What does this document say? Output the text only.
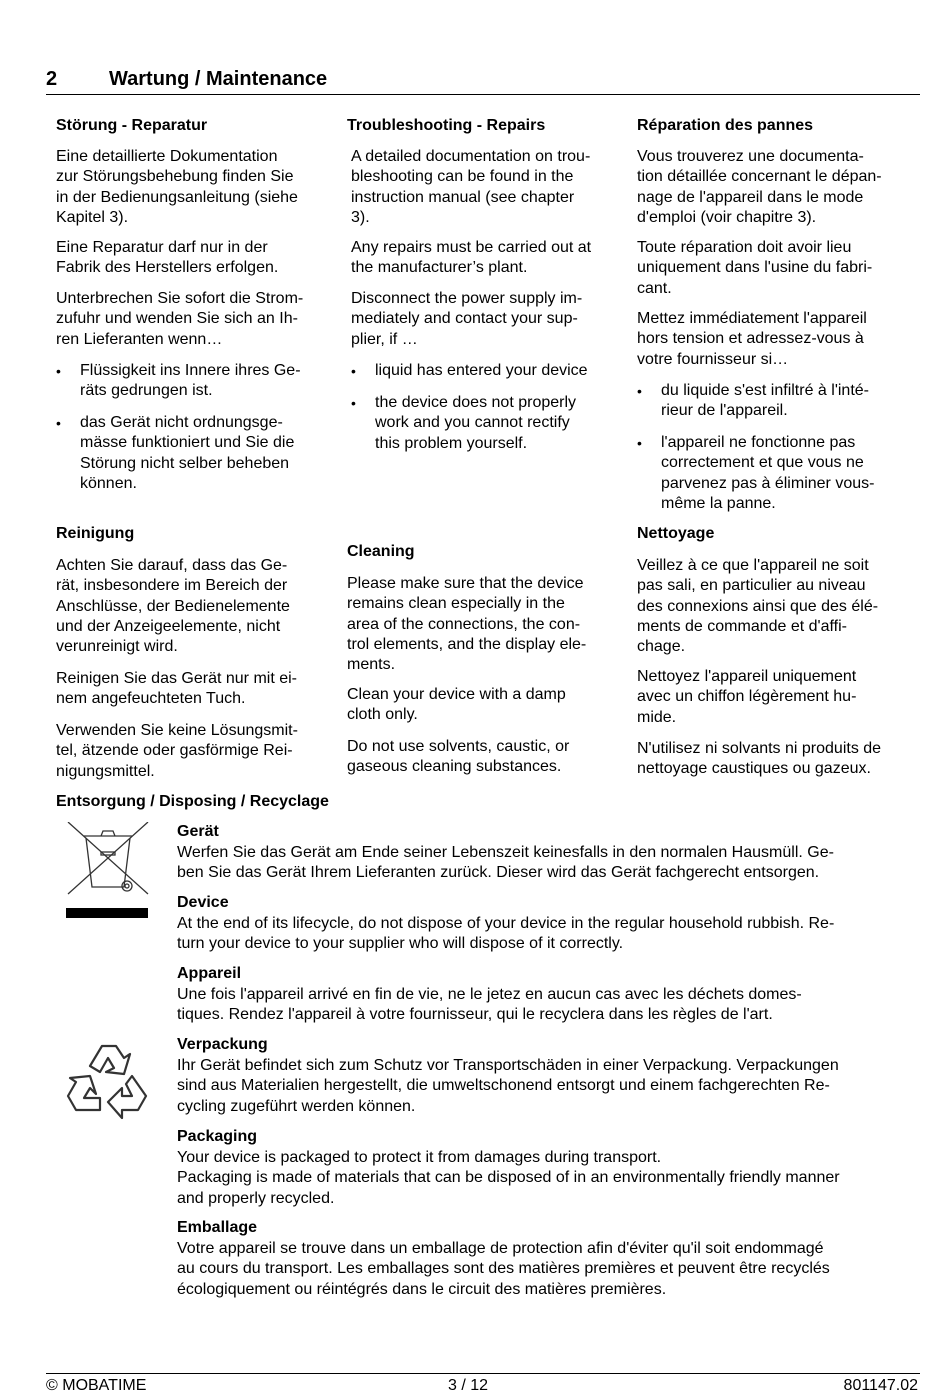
2	Wartung / Maintenance
Störung - Reparatur
Eine detaillierte Dokumentation
zur Störungsbehebung finden Sie
in der Bedienungsanleitung (siehe
Kapitel 3).
Eine Reparatur darf nur in der
Fabrik des Herstellers erfolgen.
Unterbrechen Sie sofort die Strom-
zufuhr und wenden Sie sich an Ih-
ren Lieferanten wenn…
• Flüssigkeit ins Innere ihres Ge-
räts gedrungen ist.
• das Gerät nicht ordnungsge-
mässe funktioniert und Sie die
Störung nicht selber beheben
können.
Reinigung
Achten Sie darauf, dass das Ge-
rät, insbesondere im Bereich der
Anschlüsse, der Bedienelemente
und der Anzeigeelemente, nicht
verunreinigt wird.
Reinigen Sie das Gerät nur mit ei-
nem angefeuchteten Tuch.
Verwenden Sie keine Lösungsmit-
tel, ätzende oder gasförmige Rei-
nigungsmittel.
Troubleshooting - Repairs
A detailed documentation on trou-
bleshooting can be found in the
instruction manual (see chapter
3).
Any repairs must be carried out at
the manufacturer’s plant.
Disconnect the power supply im-
mediately and contact your sup-
plier, if …
• liquid has entered your device
• the device does not properly
work and you cannot rectify
this problem yourself.
Cleaning
Please make sure that the device
remains clean especially in the
area of the connections, the con-
trol elements, and the display ele-
ments.
Clean your device with a damp
cloth only.
Do not use solvents, caustic, or
gaseous cleaning substances.
Réparation des pannes
Vous trouverez une documenta-
tion détaillée concernant le dépan-
nage de l'appareil dans le mode
d'emploi (voir chapitre 3).
Toute réparation doit avoir lieu
uniquement dans l'usine du fabri-
cant.
Mettez immédiatement l'appareil
hors tension et adressez-vous à
votre fournisseur si…
• du liquide s'est infiltré à l'inté-
rieur de l'appareil.
• l'appareil ne fonctionne pas
correctement et que vous ne
parvenez pas à éliminer vous-
même la panne.
Nettoyage
Veillez à ce que l'appareil ne soit
pas sali, en particulier au niveau
des connexions ainsi que des élé-
ments de commande et d'affi-
chage.
Nettoyez l'appareil uniquement
avec un chiffon légèrement hu-
mide.
N'utilisez ni solvants ni produits de
nettoyage caustiques ou gazeux.
Entsorgung / Disposing / Recyclage
Gerät
Werfen Sie das Gerät am Ende seiner Lebenszeit keinesfalls in den normalen Hausmüll. Ge-
ben Sie das Gerät Ihrem Lieferanten zurück. Dieser wird das Gerät fachgerecht entsorgen.
Device
At the end of its lifecycle, do not dispose of your device in the regular household rubbish. Re-
turn your device to your supplier who will dispose of it correctly.
Appareil
Une fois l'appareil arrivé en fin de vie, ne le jetez en aucun cas avec les déchets domes-
tiques. Rendez l'appareil à votre fournisseur, qui le recyclera dans les règles de l'art.
Verpackung
Ihr Gerät befindet sich zum Schutz vor Transportschäden in einer Verpackung. Verpackungen
sind aus Materialien hergestellt, die umweltschonend entsorgt und einem fachgerechten Re-
cycling zugeführt werden können.
Packaging
Your device is packaged to protect it from damages during transport.
Packaging is made of materials that can be disposed of in an environmentally friendly manner
and properly recycled.
Emballage
Votre appareil se trouve dans un emballage de protection afin d'éviter qu'il soit endommagé
au cours du transport. Les emballages sont des matières premières et peuvent être recyclés
écologiquement ou réintégrés dans le circuit des matières premières.
© MOBATIME	3 / 12	801147.02
